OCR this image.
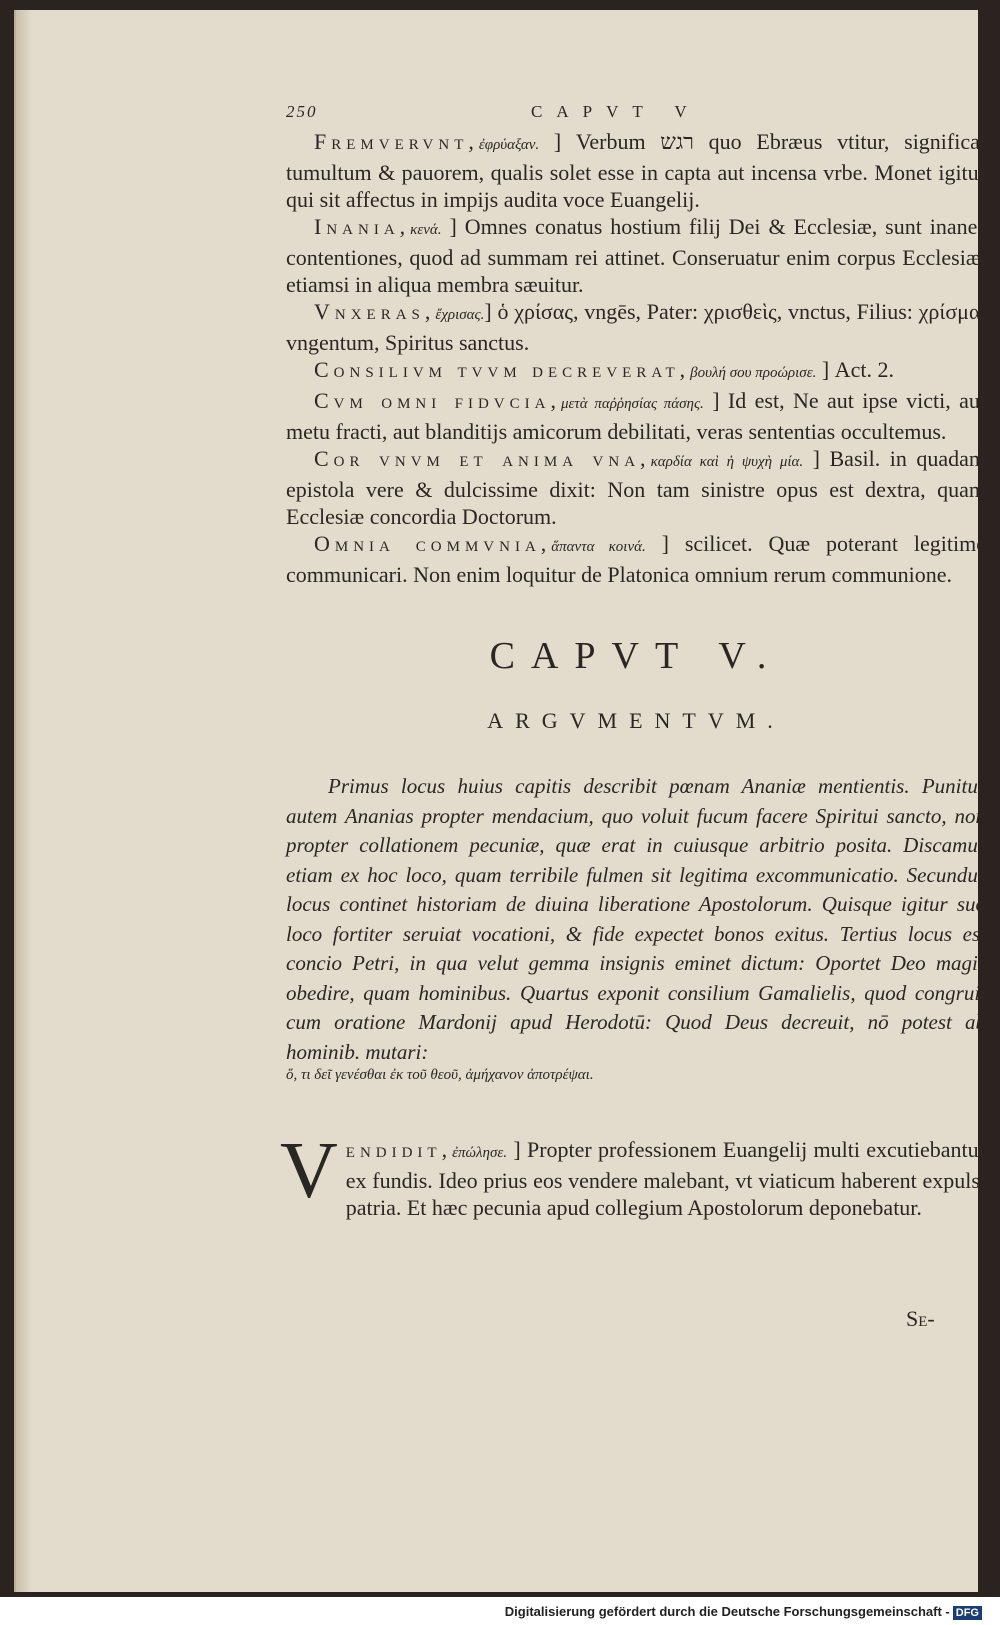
250	CAPVT V

Fremvervnt,ἐφρύαξαν. ] Verbum רגש quo Ebræus vtitur, significat tumultum & pauorem, qualis solet esse in capta aut incensa vrbe. Monet igitur qui sit affectus in impijs audita voce Euangelij.

Inania,κενά. ] Omnes conatus hostium filij Dei & Ecclesiæ, sunt inanes contentiones, quod ad summam rei attinet. Conseruatur enim corpus Ecclesiæ, etiamsi in aliqua membra sæuitur.

Vnxeras,ἔχρισας.] ὁ χρίσας, vngēs, Pater: χρισθεὶς, vnctus, Filius: χρίσμα, vngentum, Spiritus sanctus.

Consilivm tvvm decreverat,βουλή σου προώρισε. ] Act. 2.

Cvm omni fidvcia,μετὰ παῤῥησίας πάσης. ] Id est, Ne aut ipse victi, aut metu fracti, aut blanditijs amicorum debilitati, veras sententias occultemus.

Cor vnvm et anima vna,καρδία καὶ ἡ ψυχὴ μία. ] Basil. in quadam epistola vere & dulcissime dixit: Non tam sinistre opus est dextra, quam Ecclesiæ concordia Doctorum.

Omnia commvnia,ἅπαντα κοινά. ] scilicet. Quæ poterant legitime communicari. Non enim loquitur de Platonica omnium rerum communione.

CAPVT V.
ARGVMENTVM.

Primus locus huius capitis describit pœnam Ananiæ mentientis. Punitur autem Ananias propter mendacium, quo voluit fucum facere Spiritui sancto, non propter collationem pecuniæ, quæ erat in cuiusque arbitrio posita. Discamus etiam ex hoc loco, quam terribile fulmen sit legitima excommunicatio. Secundus locus continet historiam de diuina liberatione Apostolorum. Quisque igitur suo loco fortiter seruiat vocationi, & fide expectet bonos exitus. Tertius locus est concio Petri, in qua velut gemma insignis eminet dictum: Oportet Deo magis obedire, quam hominibus. Quartus exponit consilium Gamalielis, quod congruit cum oratione Mardonij apud Herodotū: Quod Deus decreuit, nō potest ab hominib. mutari:

ὅ, τι δεῖ γενέσθαι ἐκ τοῦ θεοῦ, ἀμήχανον ἀποτρέψαι.

V endidit,ἐπώλησε. ] Propter professionem Euangelij multi excutiebantur ex fundis. Ideo prius eos vendere malebant, vt viaticum haberent expulsi patria. Et hæc pecunia apud collegium Apostolorum deponebatur.
Se-
Digitalisierung gefördert durch die Deutsche Forschungsgemeinschaft - DFG
